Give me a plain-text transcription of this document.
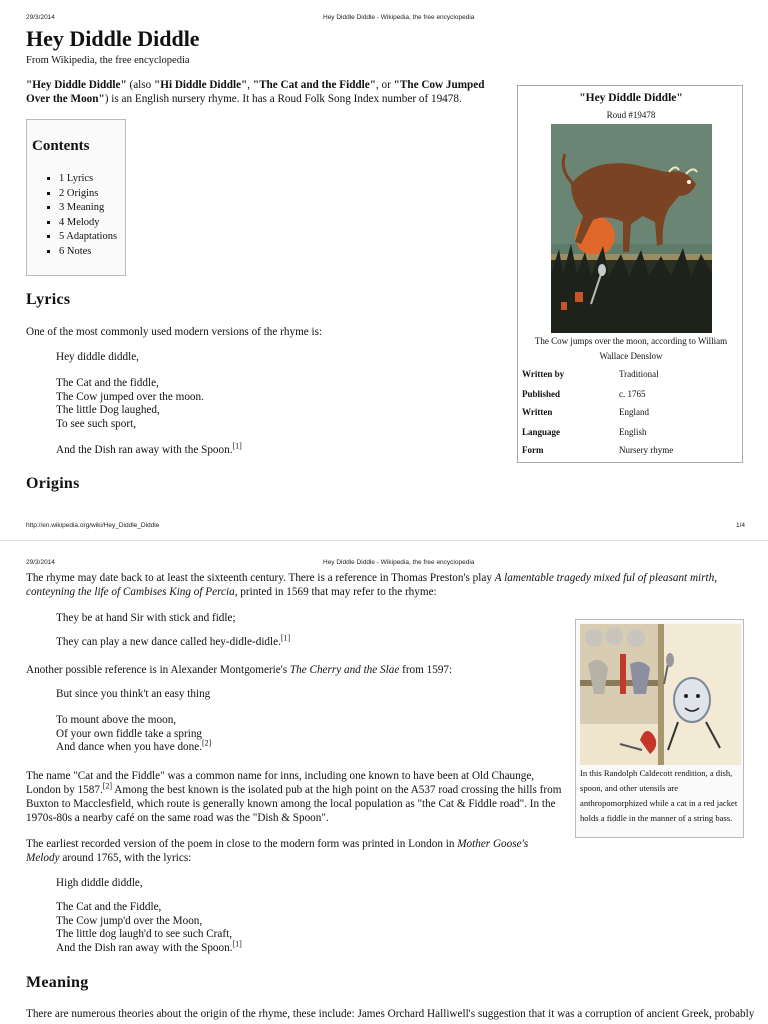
29/3/2014	Hey Diddle Diddle - Wikipedia, the free encyclopedia
Hey Diddle Diddle
From Wikipedia, the free encyclopedia
"Hey Diddle Diddle" (also "Hi Diddle Diddle", "The Cat and the Fiddle", or "The Cow Jumped
Over the Moon") is an English nursery rhyme. It has a Roud Folk Song Index number of 19478.
Contents
▪ 1 Lyrics
▪ 2 Origins
▪ 3 Meaning
▪ 4 Melody
▪ 5 Adaptations
▪ 6 Notes
Lyrics
One of the most commonly used modern versions of the rhyme is:
Hey diddle diddle,
The Cat and the fiddle,
The Cow jumped over the moon.
The little Dog laughed,
To see such sport,
And the Dish ran away with the Spoon.[1]
Origins
"Hey Diddle Diddle"
Roud #19478
The Cow jumps over the moon, according to William Wallace Denslow
Written by	Traditional
Published	c. 1765
Written	England
Language	English
Form	Nursery rhyme
http://en.wikipedia.org/wiki/Hey_Diddle_Diddle	1/4
29/3/2014	Hey Diddle Diddle - Wikipedia, the free encyclopedia
The rhyme may date back to at least the sixteenth century. There is a reference in Thomas Preston's play A lamentable tragedy mixed ful of pleasant mirth,
conteyning the life of Cambises King of Percia, printed in 1569 that may refer to the rhyme:
They be at hand Sir with stick and fidle;
They can play a new dance called hey-didle-didle.[1]
Another possible reference is in Alexander Montgomerie's The Cherry and the Slae from 1597:
But since you think't an easy thing
To mount above the moon,
Of your own fiddle take a spring
And dance when you have done.[2]
The name "Cat and the Fiddle" was a common name for inns, including one known to have been at Old Chaunge,
London by 1587.[2] Among the best known is the isolated pub at the high point on the A537 road crossing the hills from
Buxton to Macclesfield, which route is generally known among the local population as "the Cat & Fiddle road". In the
1970s-80s a nearby café on the same road was the "Dish & Spoon".
The earliest recorded version of the poem in close to the modern form was printed in London in Mother Goose's
Melody around 1765, with the lyrics:
High diddle diddle,
The Cat and the Fiddle,
The Cow jump'd over the Moon,
The little dog laugh'd to see such Craft,
And the Dish ran away with the Spoon.[1]
Meaning
There are numerous theories about the origin of the rhyme, these include: James Orchard Halliwell's suggestion that it was a corruption of ancient Greek, probably
In this Randolph Caldecott rendition, a dish, spoon, and other utensils are anthropomorphized while a cat in a red jacket holds a fiddle in the manner of a string bass.
